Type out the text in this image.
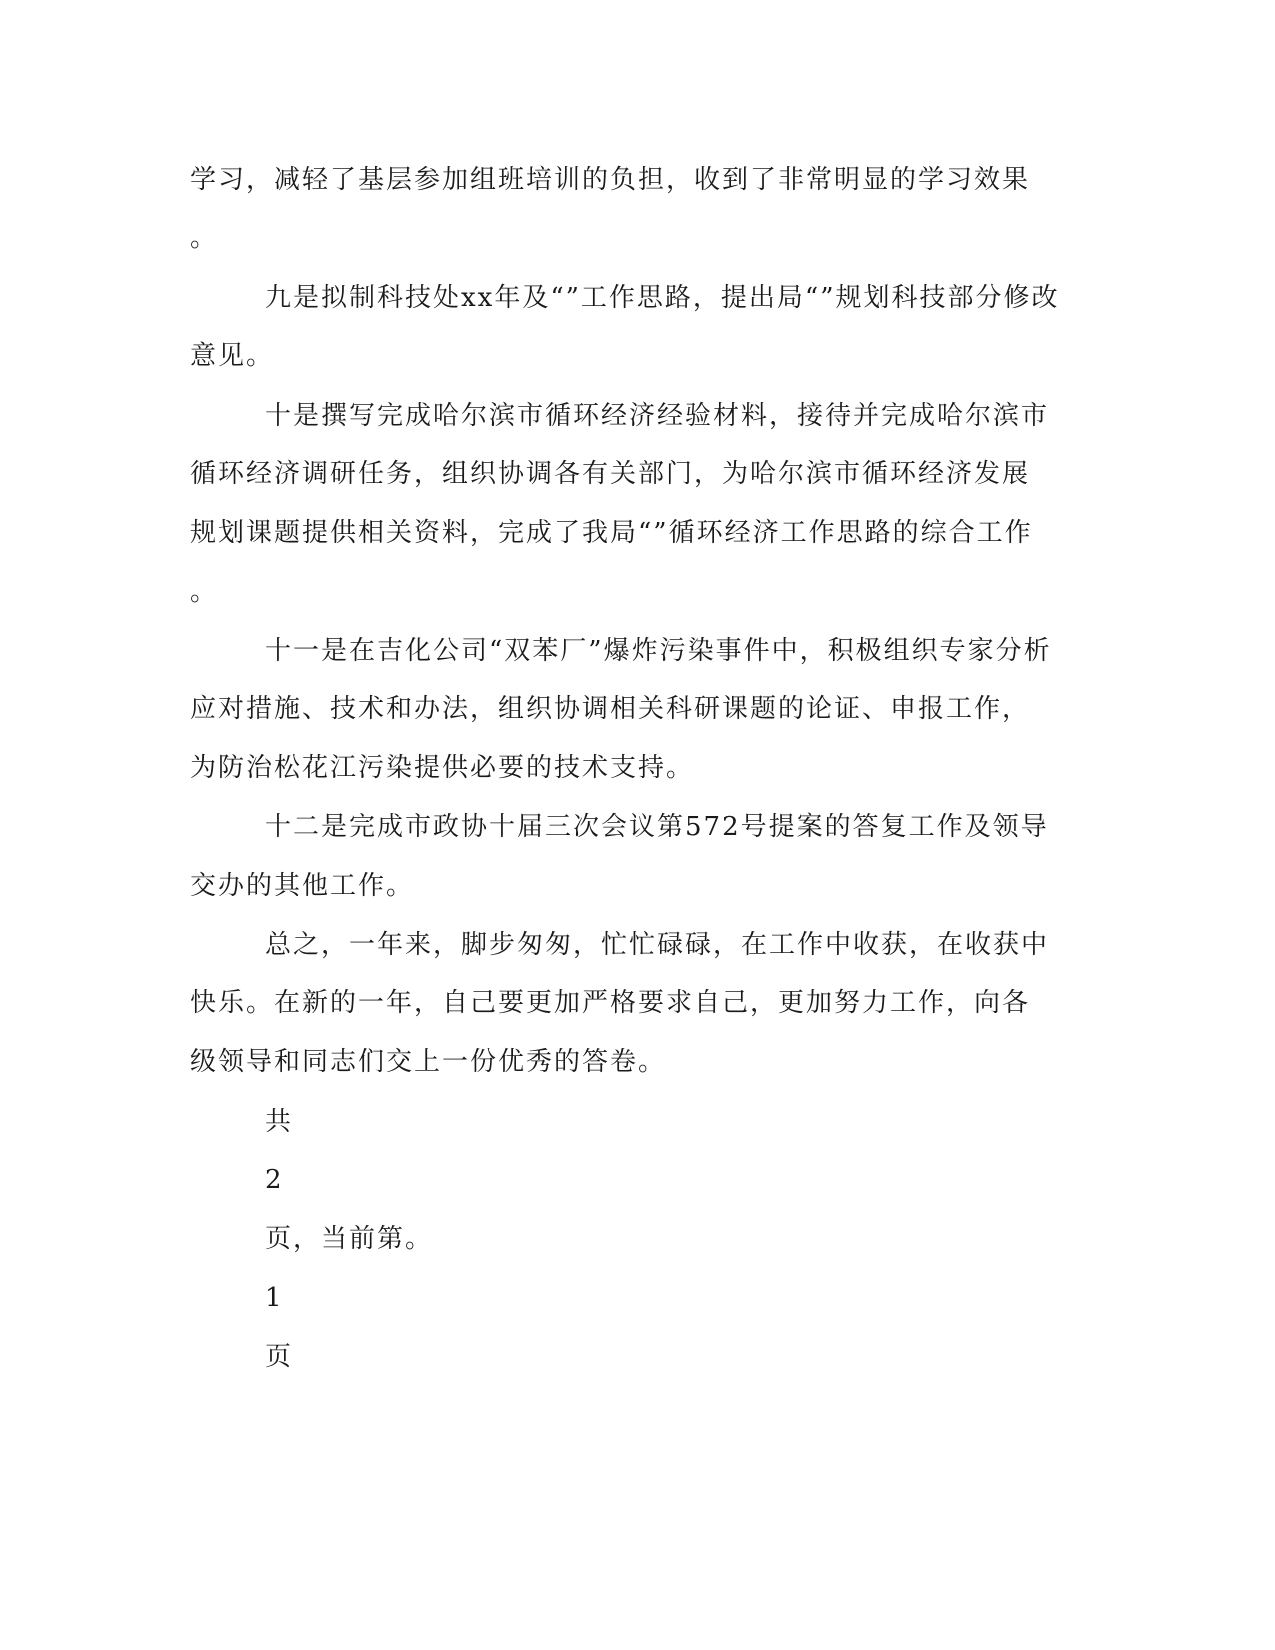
学习，减轻了基层参加组班培训的负担，收到了非常明显的学习效果
。
九是拟制科技处xx年及“”工作思路，提出局“”规划科技部分修改
意见。
十是撰写完成哈尔滨市循环经济经验材料，接待并完成哈尔滨市
循环经济调研任务，组织协调各有关部门，为哈尔滨市循环经济发展
规划课题提供相关资料，完成了我局“”循环经济工作思路的综合工作
。
十一是在吉化公司“双苯厂”爆炸污染事件中，积极组织专家分析
应对措施、技术和办法，组织协调相关科研课题的论证、申报工作，
为防治松花江污染提供必要的技术支持。
十二是完成市政协十届三次会议第572号提案的答复工作及领导
交办的其他工作。
总之，一年来，脚步匆匆，忙忙碌碌，在工作中收获，在收获中
快乐。在新的一年，自己要更加严格要求自己，更加努力工作，向各
级领导和同志们交上一份优秀的答卷。
共
2
页，当前第。
1
页
